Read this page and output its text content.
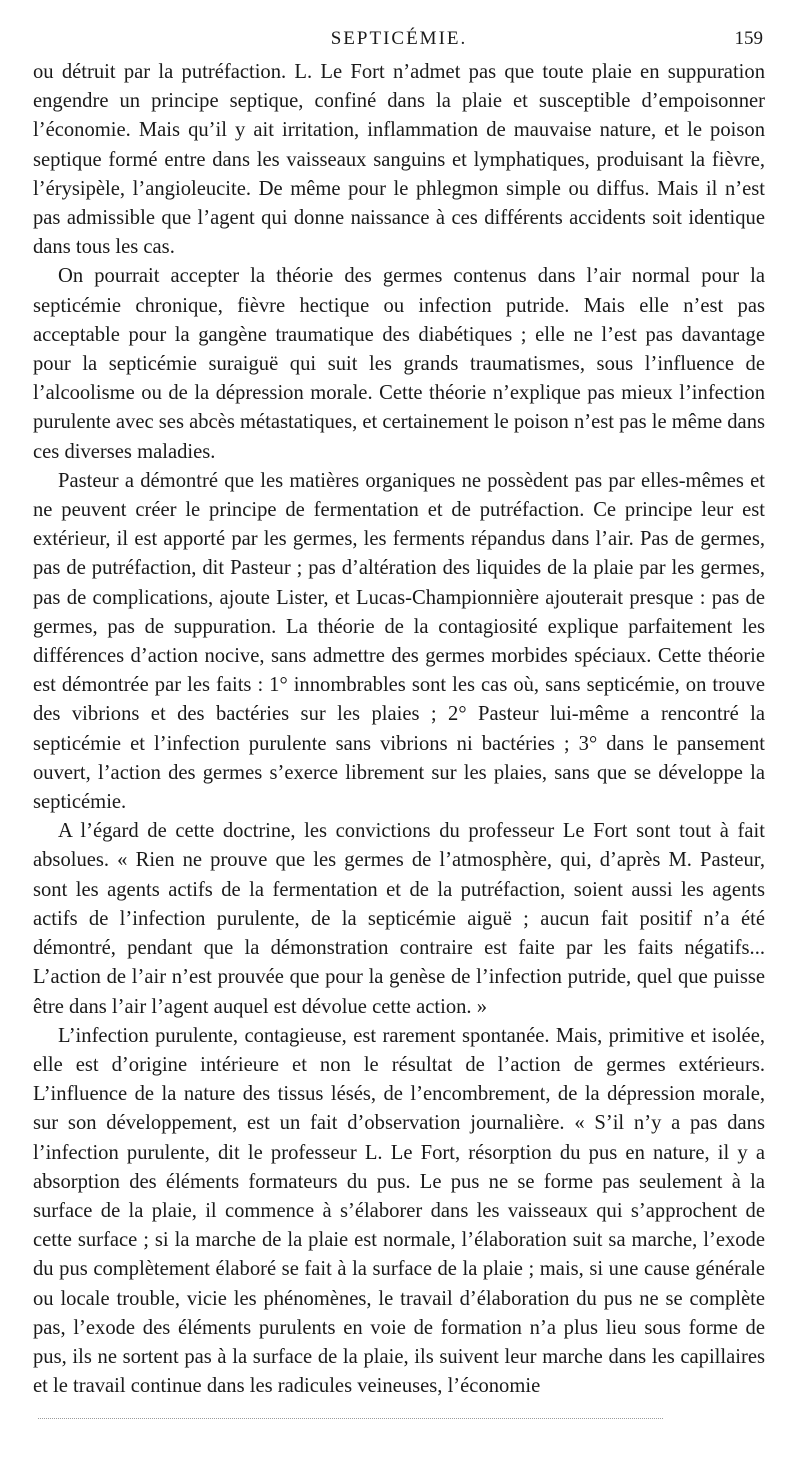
SEPTICÉMIE.	159

ou détruit par la putréfaction. L. Le Fort n’admet pas que toute plaie en suppuration engendre un principe septique, confiné dans la plaie et susceptible d’empoisonner l’économie. Mais qu’il y ait irritation, inflammation de mauvaise nature, et le poison septique formé entre dans les vaisseaux sanguins et lymphatiques, produisant la fièvre, l’érysipèle, l’angioleucite. De même pour le phlegmon simple ou diffus. Mais il n’est pas admissible que l’agent qui donne naissance à ces différents accidents soit identique dans tous les cas.

On pourrait accepter la théorie des germes contenus dans l’air normal pour la septicémie chronique, fièvre hectique ou infection putride. Mais elle n’est pas acceptable pour la gangène traumatique des diabétiques ; elle ne l’est pas davantage pour la septicémie suraiguë qui suit les grands traumatismes, sous l’influence de l’alcoolisme ou de la dépression morale. Cette théorie n’explique pas mieux l’infection purulente avec ses abcès métastatiques, et certainement le poison n’est pas le même dans ces diverses maladies.

Pasteur a démontré que les matières organiques ne possèdent pas par elles-mêmes et ne peuvent créer le principe de fermentation et de putréfaction. Ce principe leur est extérieur, il est apporté par les germes, les ferments répandus dans l’air. Pas de germes, pas de putréfaction, dit Pasteur ; pas d’altération des liquides de la plaie par les germes, pas de complications, ajoute Lister, et Lucas-Championnière ajouterait presque : pas de germes, pas de suppuration. La théorie de la contagiosité explique parfaitement les différences d’action nocive, sans admettre des germes morbides spéciaux. Cette théorie est démontrée par les faits : 1° innombrables sont les cas où, sans septicémie, on trouve des vibrions et des bactéries sur les plaies ; 2° Pasteur lui-même a rencontré la septicémie et l’infection purulente sans vibrions ni bactéries ; 3° dans le pansement ouvert, l’action des germes s’exerce librement sur les plaies, sans que se développe la septicémie.

A l’égard de cette doctrine, les convictions du professeur Le Fort sont tout à fait absolues. « Rien ne prouve que les germes de l’atmosphère, qui, d’après M. Pasteur, sont les agents actifs de la fermentation et de la putréfaction, soient aussi les agents actifs de l’infection purulente, de la septicémie aiguë ; aucun fait positif n’a été démontré, pendant que la démonstration contraire est faite par les faits négatifs... L’action de l’air n’est prouvée que pour la genèse de l’infection putride, quel que puisse être dans l’air l’agent auquel est dévolue cette action. »

L’infection purulente, contagieuse, est rarement spontanée. Mais, primitive et isolée, elle est d’origine intérieure et non le résultat de l’action de germes extérieurs. L’influence de la nature des tissus lésés, de l’encombrement, de la dépression morale, sur son développement, est un fait d’observation journalière. « S’il n’y a pas dans l’infection purulente, dit le professeur L. Le Fort, résorption du pus en nature, il y a absorption des éléments formateurs du pus. Le pus ne se forme pas seulement à la surface de la plaie, il commence à s’élaborer dans les vaisseaux qui s’approchent de cette surface ; si la marche de la plaie est normale, l’élaboration suit sa marche, l’exode du pus complètement élaboré se fait à la surface de la plaie ; mais, si une cause générale ou locale trouble, vicie les phénomènes, le travail d’élaboration du pus ne se complète pas, l’exode des éléments purulents en voie de formation n’a plus lieu sous forme de pus, ils ne sortent pas à la surface de la plaie, ils suivent leur marche dans les capillaires et le travail continue dans les radicules veineuses, l’économie
